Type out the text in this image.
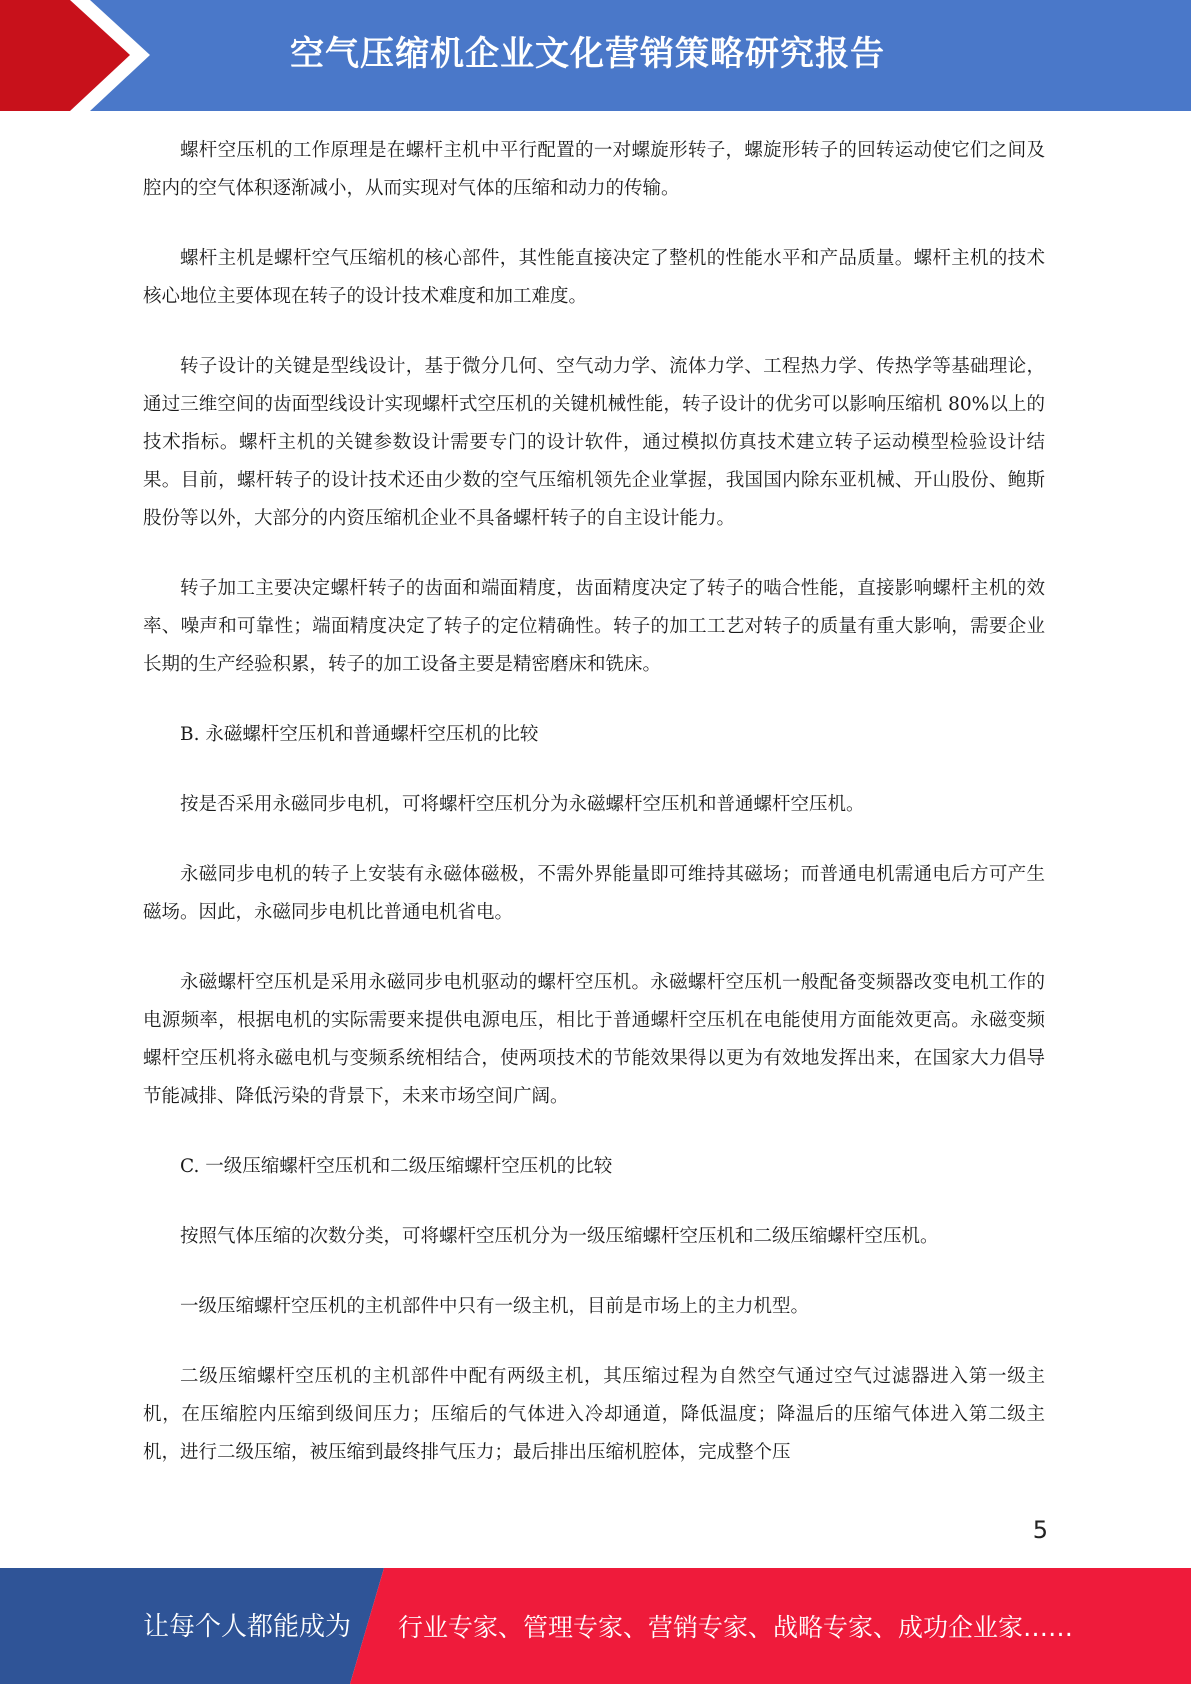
空气压缩机企业文化营销策略研究报告

螺杆空压机的工作原理是在螺杆主机中平行配置的一对螺旋形转子，螺旋形转子的回转运动使它们之间及腔内的空气体积逐渐减小，从而实现对气体的压缩和动力的传输。

螺杆主机是螺杆空气压缩机的核心部件，其性能直接决定了整机的性能水平和产品质量。螺杆主机的技术核心地位主要体现在转子的设计技术难度和加工难度。

转子设计的关键是型线设计，基于微分几何、空气动力学、流体力学、工程热力学、传热学等基础理论，通过三维空间的齿面型线设计实现螺杆式空压机的关键机械性能，转子设计的优劣可以影响压缩机 80%以上的技术指标。螺杆主机的关键参数设计需要专门的设计软件，通过模拟仿真技术建立转子运动模型检验设计结果。目前，螺杆转子的设计技术还由少数的空气压缩机领先企业掌握，我国国内除东亚机械、开山股份、鲍斯股份等以外，大部分的内资压缩机企业不具备螺杆转子的自主设计能力。

转子加工主要决定螺杆转子的齿面和端面精度，齿面精度决定了转子的啮合性能，直接影响螺杆主机的效率、噪声和可靠性；端面精度决定了转子的定位精确性。转子的加工工艺对转子的质量有重大影响，需要企业长期的生产经验积累，转子的加工设备主要是精密磨床和铣床。

B. 永磁螺杆空压机和普通螺杆空压机的比较

按是否采用永磁同步电机，可将螺杆空压机分为永磁螺杆空压机和普通螺杆空压机。

永磁同步电机的转子上安装有永磁体磁极，不需外界能量即可维持其磁场；而普通电机需通电后方可产生磁场。因此，永磁同步电机比普通电机省电。

永磁螺杆空压机是采用永磁同步电机驱动的螺杆空压机。永磁螺杆空压机一般配备变频器改变电机工作的电源频率，根据电机的实际需要来提供电源电压，相比于普通螺杆空压机在电能使用方面能效更高。永磁变频螺杆空压机将永磁电机与变频系统相结合，使两项技术的节能效果得以更为有效地发挥出来，在国家大力倡导节能减排、降低污染的背景下，未来市场空间广阔。

C. 一级压缩螺杆空压机和二级压缩螺杆空压机的比较

按照气体压缩的次数分类，可将螺杆空压机分为一级压缩螺杆空压机和二级压缩螺杆空压机。

一级压缩螺杆空压机的主机部件中只有一级主机，目前是市场上的主力机型。

二级压缩螺杆空压机的主机部件中配有两级主机，其压缩过程为自然空气通过空气过滤器进入第一级主机，在压缩腔内压缩到级间压力；压缩后的气体进入冷却通道，降低温度；降温后的压缩气体进入第二级主机，进行二级压缩，被压缩到最终排气压力；最后排出压缩机腔体，完成整个压

5
让每个人都能成为 行业专家、管理专家、营销专家、战略专家、成功企业家……
